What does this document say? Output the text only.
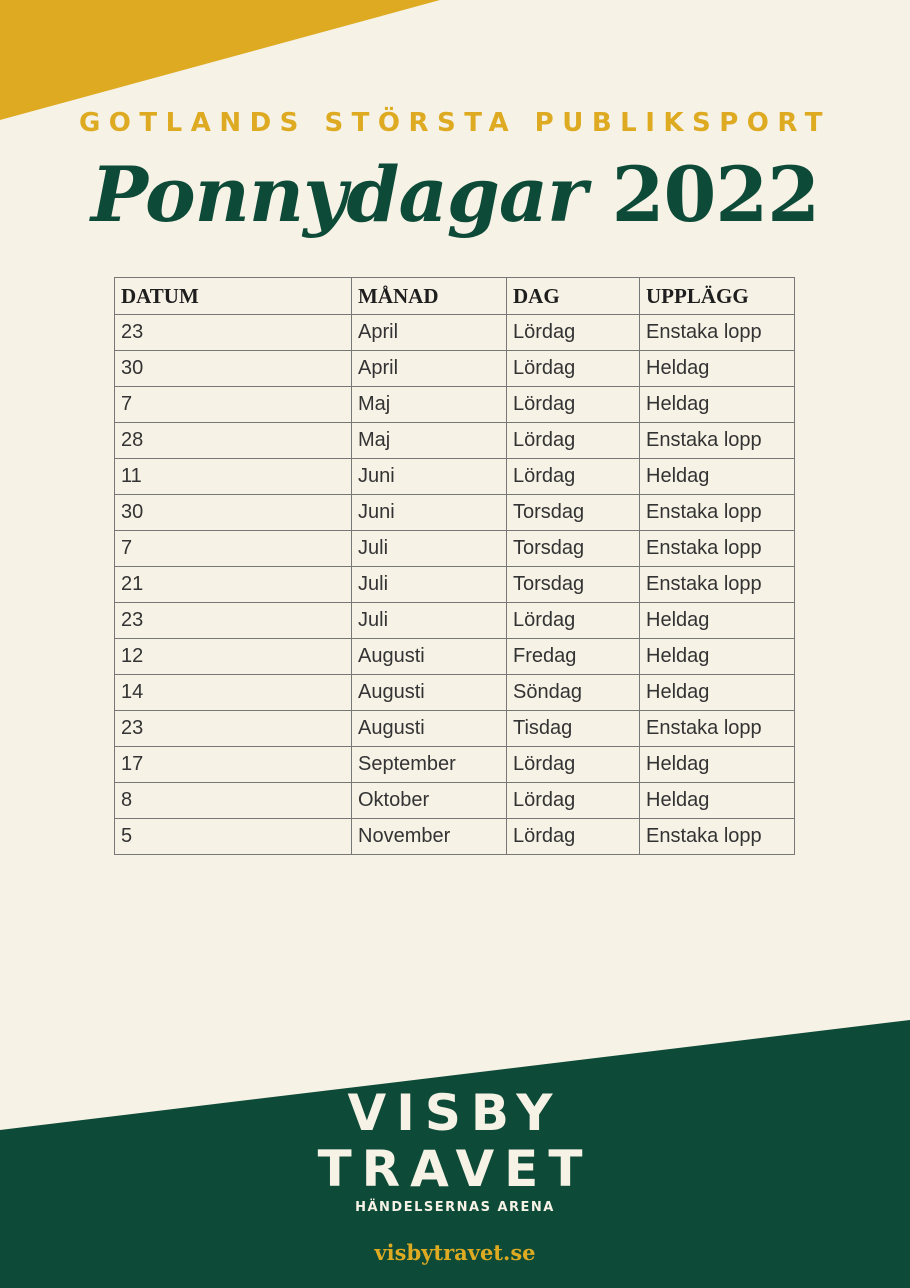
GOTLANDS STÖRSTA PUBLIKSPORT
Ponnydagar 2022
DATUM	MÅNAD	DAG	UPPLÄGG
23	April	Lördag	Enstaka lopp
30	April	Lördag	Heldag
7	Maj	Lördag	Heldag
28	Maj	Lördag	Enstaka lopp
11	Juni	Lördag	Heldag
30	Juni	Torsdag	Enstaka lopp
7	Juli	Torsdag	Enstaka lopp
21	Juli	Torsdag	Enstaka lopp
23	Juli	Lördag	Heldag
12	Augusti	Fredag	Heldag
14	Augusti	Söndag	Heldag
23	Augusti	Tisdag	Enstaka lopp
17	September	Lördag	Heldag
8	Oktober	Lördag	Heldag
5	November	Lördag	Enstaka lopp
VISBY
TRAVET
HÄNDELSERNAS ARENA
visbytravet.se
